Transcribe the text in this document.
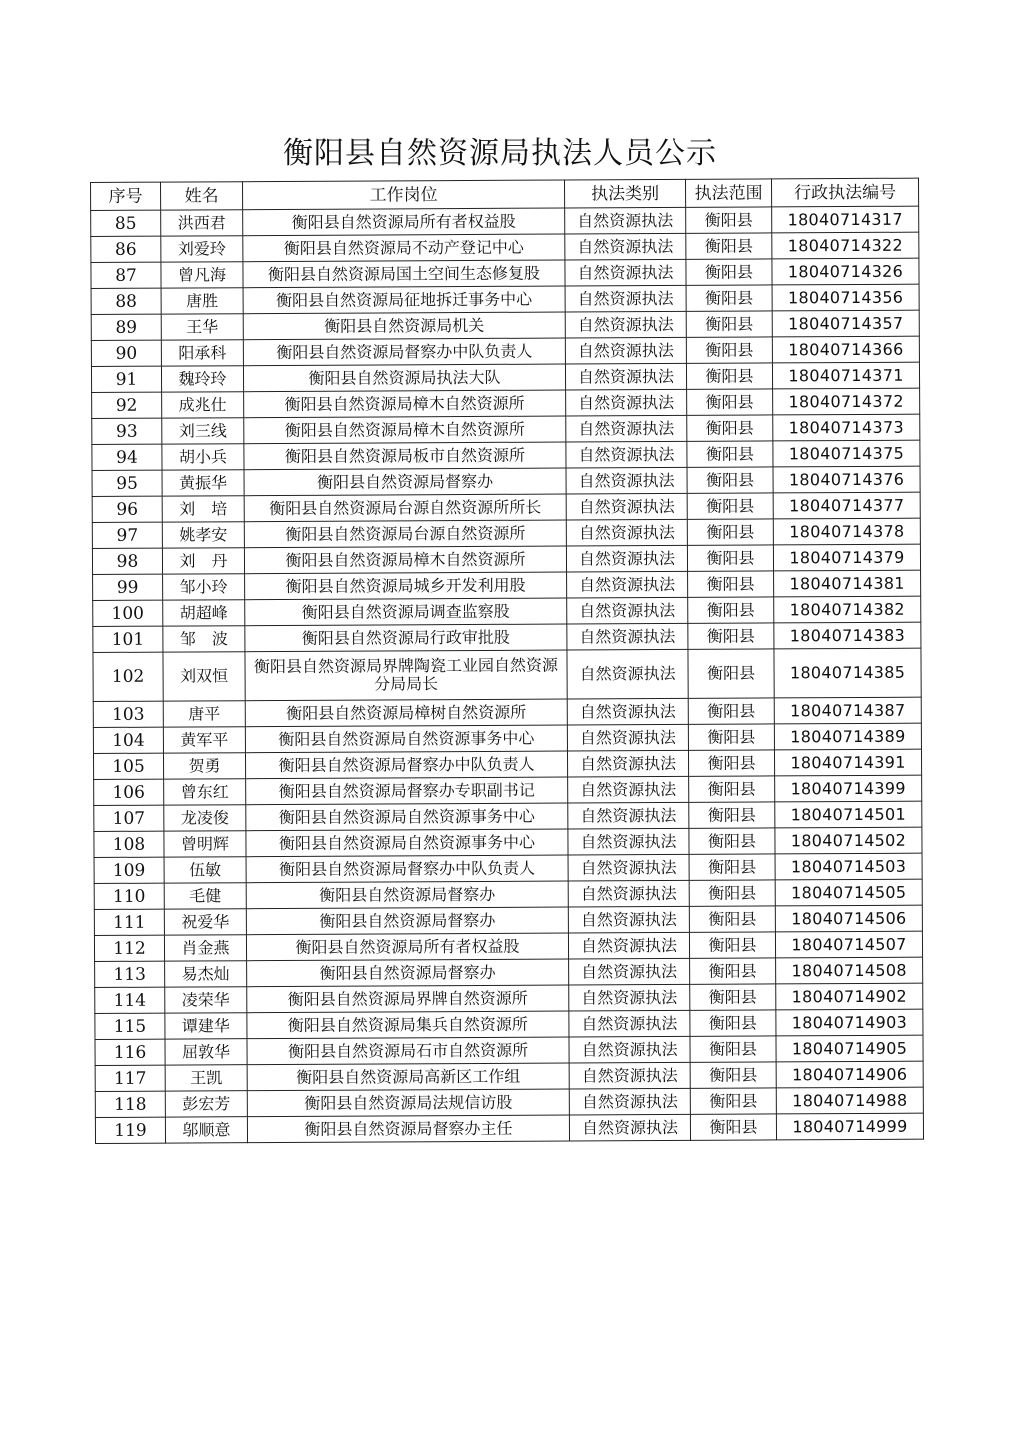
衡阳县自然资源局执法人员公示
序号	姓名	工作岗位	执法类别	执法范围	行政执法编号
85	洪西君	衡阳县自然资源局所有者权益股	自然资源执法	衡阳县	18040714317
86	刘爱玲	衡阳县自然资源局不动产登记中心	自然资源执法	衡阳县	18040714322
87	曾凡海	衡阳县自然资源局国土空间生态修复股	自然资源执法	衡阳县	18040714326
88	唐胜	衡阳县自然资源局征地拆迁事务中心	自然资源执法	衡阳县	18040714356
89	王华	衡阳县自然资源局机关	自然资源执法	衡阳县	18040714357
90	阳承科	衡阳县自然资源局督察办中队负责人	自然资源执法	衡阳县	18040714366
91	魏玲玲	衡阳县自然资源局执法大队	自然资源执法	衡阳县	18040714371
92	成兆仕	衡阳县自然资源局樟木自然资源所	自然资源执法	衡阳县	18040714372
93	刘三线	衡阳县自然资源局樟木自然资源所	自然资源执法	衡阳县	18040714373
94	胡小兵	衡阳县自然资源局板市自然资源所	自然资源执法	衡阳县	18040714375
95	黄振华	衡阳县自然资源局督察办	自然资源执法	衡阳县	18040714376
96	刘　培	衡阳县自然资源局台源自然资源所所长	自然资源执法	衡阳县	18040714377
97	姚孝安	衡阳县自然资源局台源自然资源所	自然资源执法	衡阳县	18040714378
98	刘　丹	衡阳县自然资源局樟木自然资源所	自然资源执法	衡阳县	18040714379
99	邹小玲	衡阳县自然资源局城乡开发利用股	自然资源执法	衡阳县	18040714381
100	胡超峰	衡阳县自然资源局调查监察股	自然资源执法	衡阳县	18040714382
101	邹　波	衡阳县自然资源局行政审批股	自然资源执法	衡阳县	18040714383
102	刘双恒	衡阳县自然资源局界牌陶瓷工业园自然资源分局局长	自然资源执法	衡阳县	18040714385
103	唐平	衡阳县自然资源局樟树自然资源所	自然资源执法	衡阳县	18040714387
104	黄军平	衡阳县自然资源局自然资源事务中心	自然资源执法	衡阳县	18040714389
105	贺勇	衡阳县自然资源局督察办中队负责人	自然资源执法	衡阳县	18040714391
106	曾东红	衡阳县自然资源局督察办专职副书记	自然资源执法	衡阳县	18040714399
107	龙凌俊	衡阳县自然资源局自然资源事务中心	自然资源执法	衡阳县	18040714501
108	曾明辉	衡阳县自然资源局自然资源事务中心	自然资源执法	衡阳县	18040714502
109	伍敏	衡阳县自然资源局督察办中队负责人	自然资源执法	衡阳县	18040714503
110	毛健	衡阳县自然资源局督察办	自然资源执法	衡阳县	18040714505
111	祝爱华	衡阳县自然资源局督察办	自然资源执法	衡阳县	18040714506
112	肖金燕	衡阳县自然资源局所有者权益股	自然资源执法	衡阳县	18040714507
113	易杰灿	衡阳县自然资源局督察办	自然资源执法	衡阳县	18040714508
114	凌荣华	衡阳县自然资源局界牌自然资源所	自然资源执法	衡阳县	18040714902
115	谭建华	衡阳县自然资源局集兵自然资源所	自然资源执法	衡阳县	18040714903
116	屈敦华	衡阳县自然资源局石市自然资源所	自然资源执法	衡阳县	18040714905
117	王凯	衡阳县自然资源局高新区工作组	自然资源执法	衡阳县	18040714906
118	彭宏芳	衡阳县自然资源局法规信访股	自然资源执法	衡阳县	18040714988
119	邬顺意	衡阳县自然资源局督察办主任	自然资源执法	衡阳县	18040714999
